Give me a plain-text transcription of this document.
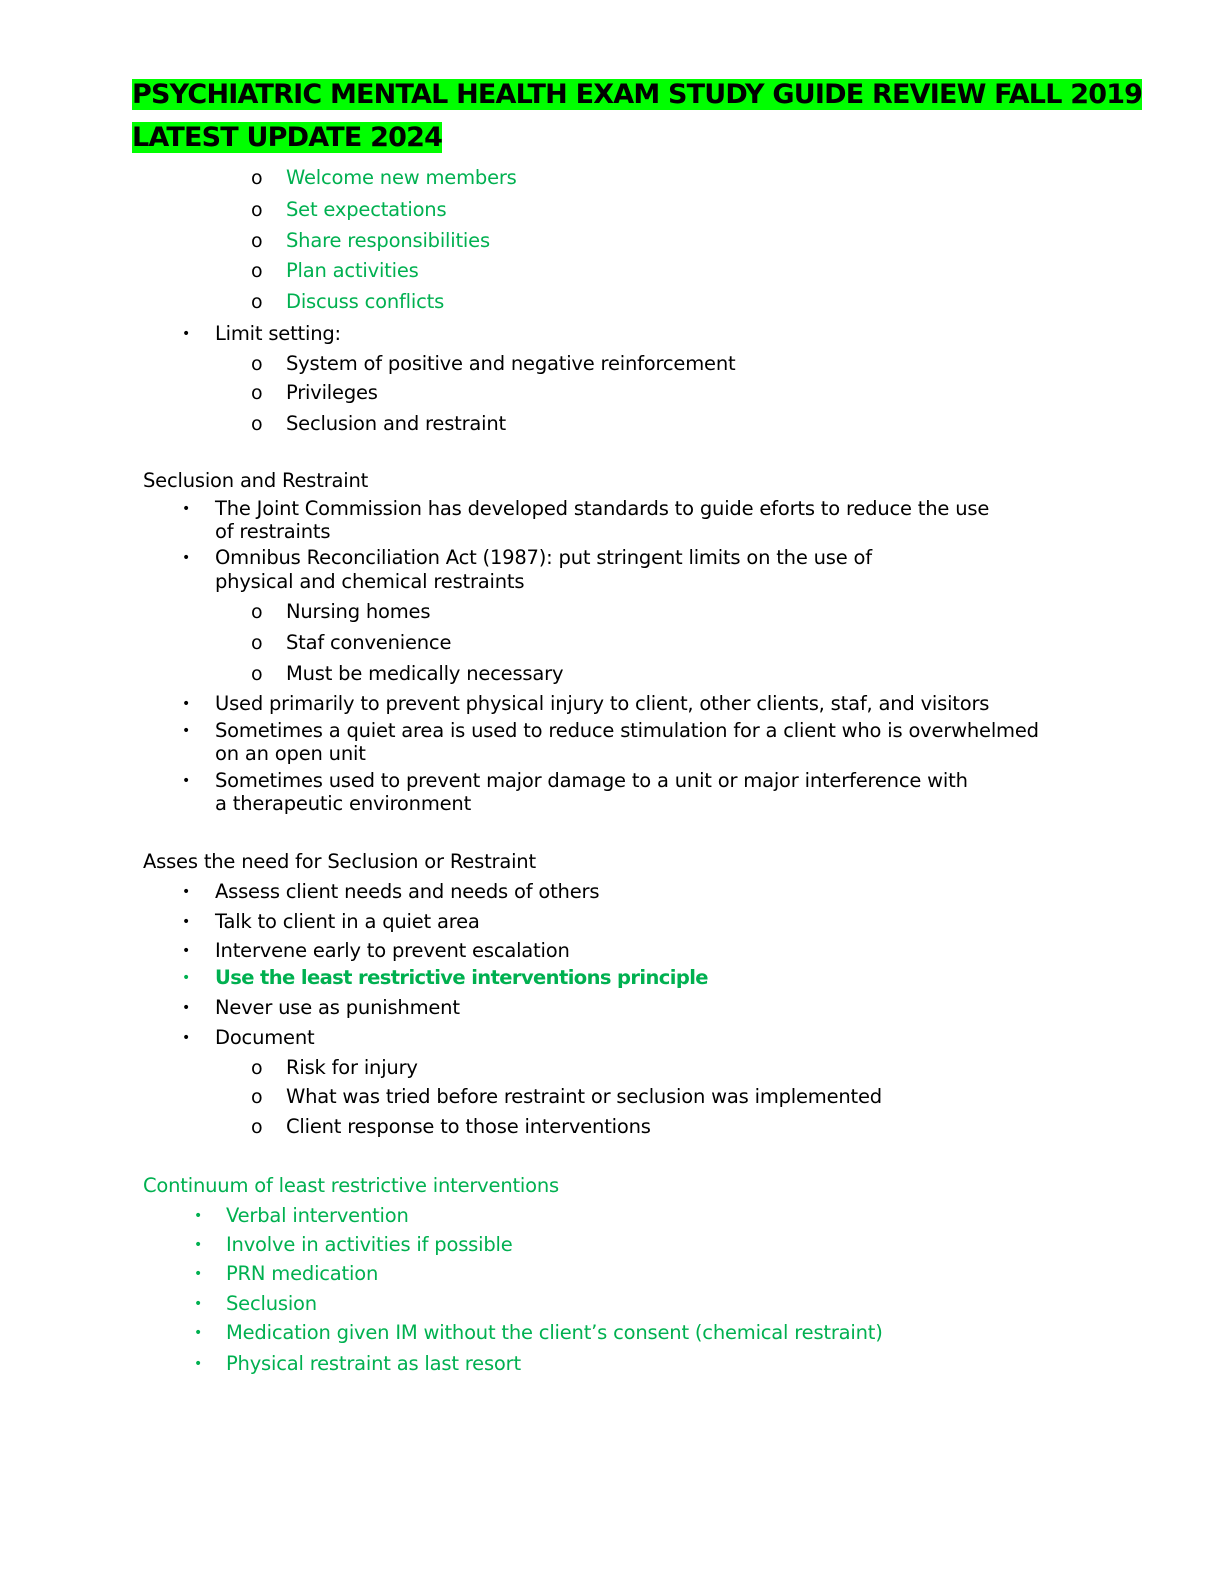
PSYCHIATRIC MENTAL HEALTH EXAM STUDY GUIDE REVIEW FALL 2019
LATEST UPDATE 2024
o Welcome new members
o Set expectations
o Share responsibilities
o Plan activities
o Discuss conflicts
• Limit setting:
o System of positive and negative reinforcement
o Privileges
o Seclusion and restraint
Seclusion and Restraint
• The Joint Commission has developed standards to guide eforts to reduce the use
of restraints
• Omnibus Reconciliation Act (1987): put stringent limits on the use of
physical and chemical restraints
o Nursing homes
o Staf convenience
o Must be medically necessary
• Used primarily to prevent physical injury to client, other clients, staf, and visitors
• Sometimes a quiet area is used to reduce stimulation for a client who is overwhelmed
on an open unit
• Sometimes used to prevent major damage to a unit or major interference with
a therapeutic environment
Asses the need for Seclusion or Restraint
• Assess client needs and needs of others
• Talk to client in a quiet area
• Intervene early to prevent escalation
• Use the least restrictive interventions principle
• Never use as punishment
• Document
o Risk for injury
o What was tried before restraint or seclusion was implemented
o Client response to those interventions
Continuum of least restrictive interventions
• Verbal intervention
• Involve in activities if possible
• PRN medication
• Seclusion
• Medication given IM without the client’s consent (chemical restraint)
• Physical restraint as last resort
